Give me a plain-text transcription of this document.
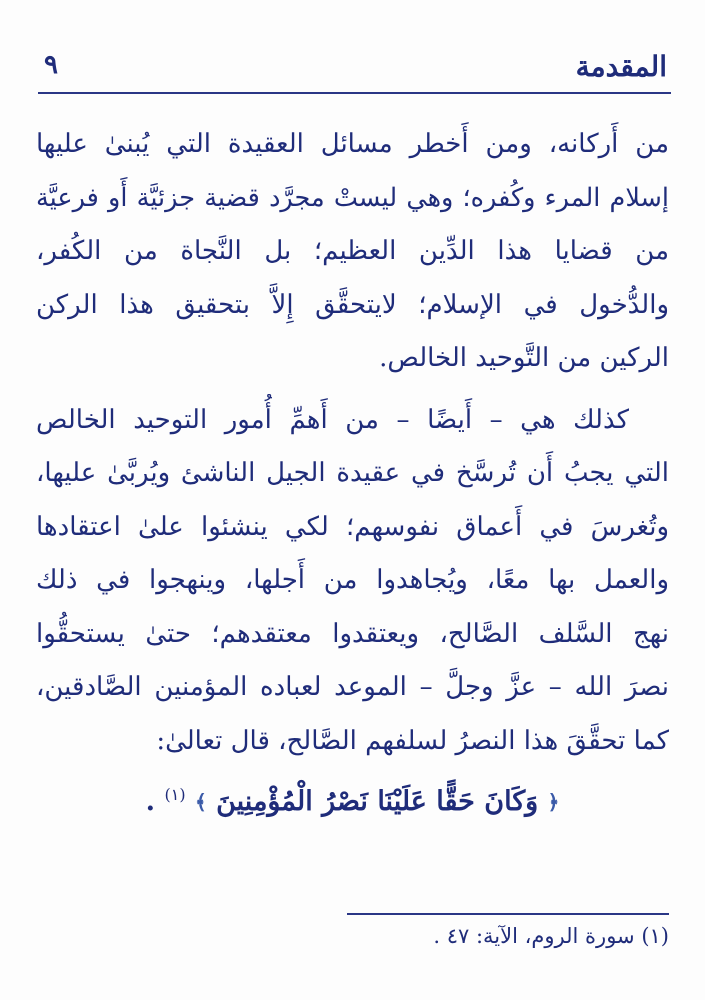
المقدمة
٩
من أَركانه، ومن أَخطر مسائل العقيدة التي يُبنىٰ عليها
إسلام المرء وكُفره؛ وهي ليستْ مجرَّد قضية جزئيَّة أَو فرعيَّة
من قضايا هذا الدِّين العظيم؛ بل النَّجاة من الكُفر،
والدُّخول في الإسلام؛ لايتحقَّق إِلاَّ بتحقيق هذا الركن
الركين من التَّوحيد الخالص.
كذلك هي – أَيضًا – من أَهمِّ أُمور التوحيد الخالص
التي يجبُ أَن تُرسَّخ في عقيدة الجيل الناشئ ويُربَّىٰ عليها،
وتُغرسَ في أَعماق نفوسهم؛ لكي ينشئوا علىٰ اعتقادها
والعمل بها معًا، ويُجاهدوا من أَجلها، وينهجوا في ذلك
نهج السَّلف الصَّالح، ويعتقدوا معتقدهم؛ حتىٰ يستحقُّوا
نصرَ الله – عزَّ وجلَّ – الموعد لعباده المؤمنين الصَّادقين،
كما تحقَّقَ هذا النصرُ لسلفهم الصَّالح، قال تعالىٰ:
﴿ وَكَانَ حَقًّا عَلَيْنَا نَصْرُ الْمُؤْمِنِينَ ﴾ $^{(١)}$ .
(١) سورة الروم، الآية: ٤٧ .
